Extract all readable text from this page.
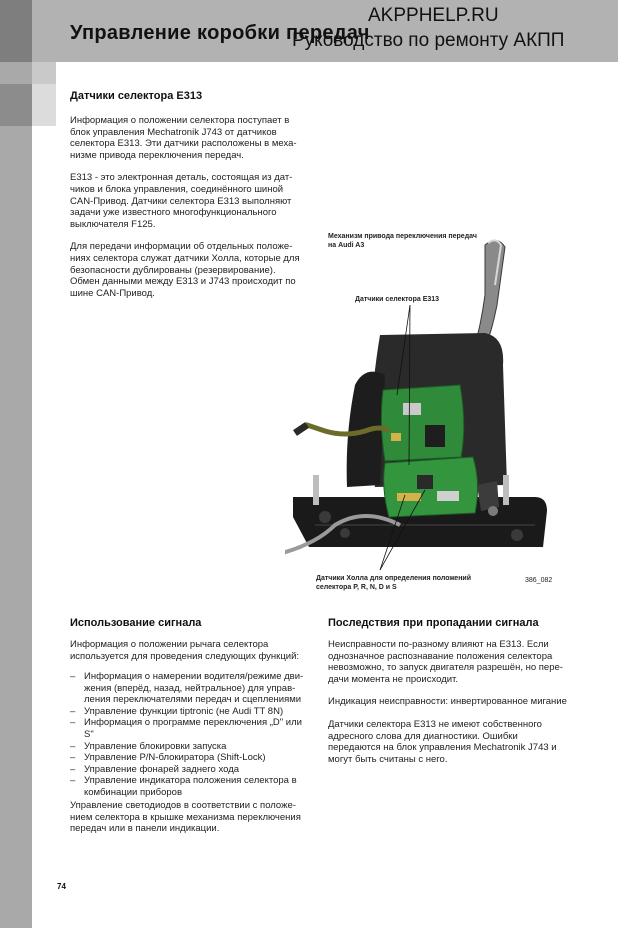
Управление коробки передач
AKPPHELP.RU
Руководство по ремонту АКПП
Датчики селектора E313

Информация о положении селектора поступает в блок управления Mechatronik J743 от датчиков селектора E313. Эти датчики расположены в меха- низме привода переключения передач.

E313 - это электронная деталь, состоящая из дат- чиков и блока управления, соединённого шиной CAN-Привод. Датчики селектора E313 выполняют задачи уже известного многофункционального выключателя F125.

Для передачи информации об отдельных положе- ниях селектора служат датчики Холла, которые для безопасности дублированы (резервирование). Обмен данными между E313 и J743 происходит по шине CAN-Привод.

Механизм привода переключения передач на Audi A3
Датчики селектора E313
Датчики Холла для определения положений селектора P, R, N, D и S
386_082
Использование сигнала
Информация о положении рычага селектора используется для проведения следующих функций:
– Информация о намерении водителя/режиме дви- жения (вперёд, назад, нейтральное) для управ- ления переключателями передач и сцеплениями
– Управление функции tiptronic (не Audi TT 8N)
– Информация о программе переключения „D" или S"
– Управление блокировки запуска
– Управление P/N-блокиратора (Shift-Lock)
– Управление фонарей заднего хода
– Управление индикатора положения селектора в комбинации приборов
Управление светодиодов в соответствии с положе- нием селектора в крышке механизма переключения передач или в панели индикации.
Последствия при пропадании сигнала

Неисправности по-разному влияют на E313. Если однозначное распознавание положения селектора невозможно, то запуск двигателя разрешён, но пере- дачи момента не происходит.

Индикация неисправности: инвертированное мигание

Датчики селектора E313 не имеют собственного адресного слова для диагностики. Ошибки передаются на блок управления Mechatronik J743 и могут быть считаны с него.

74
